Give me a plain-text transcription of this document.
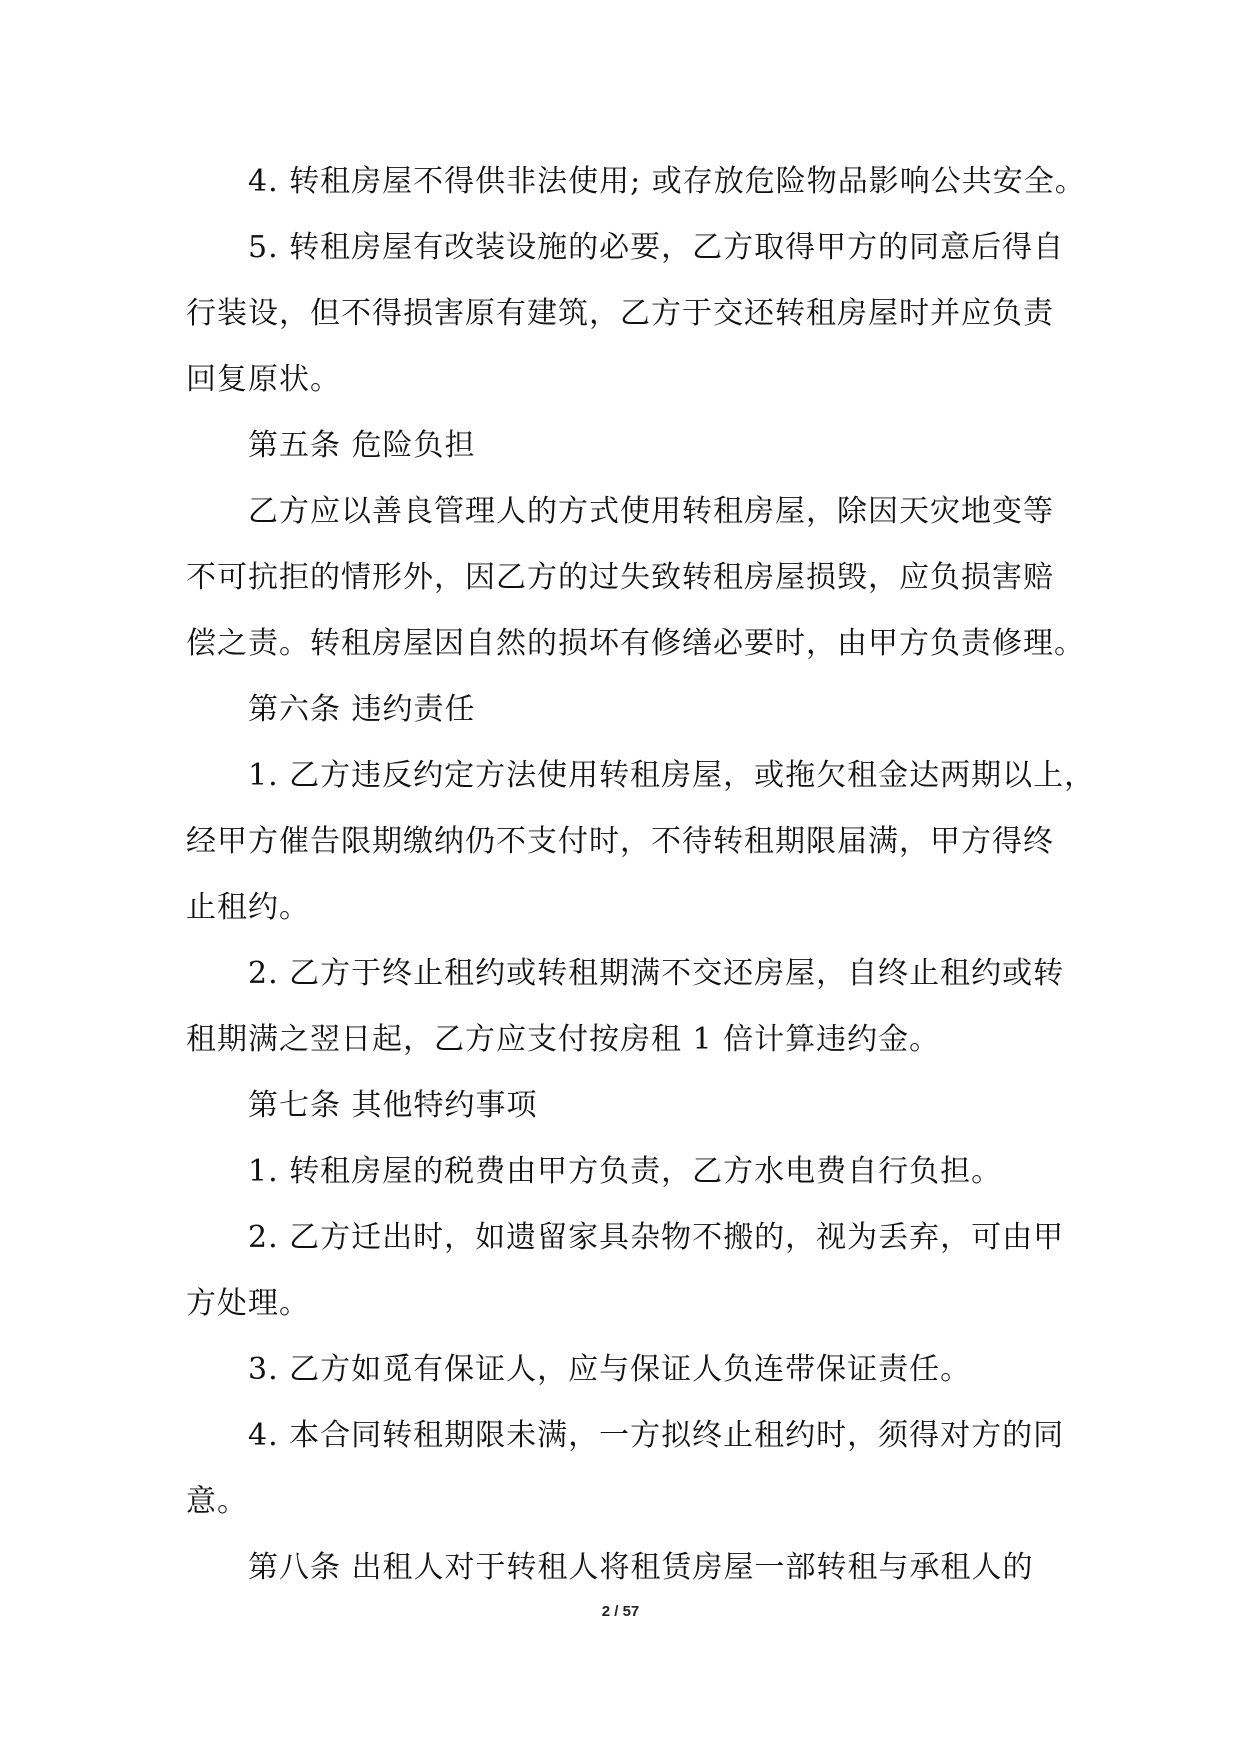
4. 转租房屋不得供非法使用; 或存放危险物品影响公共安全。
5. 转租房屋有改装设施的必要，乙方取得甲方的同意后得自
行装设，但不得损害原有建筑，乙方于交还转租房屋时并应负责
回复原状。
第五条 危险负担
乙方应以善良管理人的方式使用转租房屋，除因天灾地变等
不可抗拒的情形外，因乙方的过失致转租房屋损毁，应负损害赔
偿之责。转租房屋因自然的损坏有修缮必要时，由甲方负责修理。
第六条 违约责任
1. 乙方违反约定方法使用转租房屋，或拖欠租金达两期以上，
经甲方催告限期缴纳仍不支付时，不待转租期限届满，甲方得终
止租约。
2. 乙方于终止租约或转租期满不交还房屋，自终止租约或转
租期满之翌日起，乙方应支付按房租 1 倍计算违约金。
第七条 其他特约事项
1. 转租房屋的税费由甲方负责，乙方水电费自行负担。
2. 乙方迁出时，如遗留家具杂物不搬的，视为丢弃，可由甲
方处理。
3. 乙方如觅有保证人，应与保证人负连带保证责任。
4. 本合同转租期限未满，一方拟终止租约时，须得对方的同
意。
第八条 出租人对于转租人将租赁房屋一部转租与承租人的
2 / 57
